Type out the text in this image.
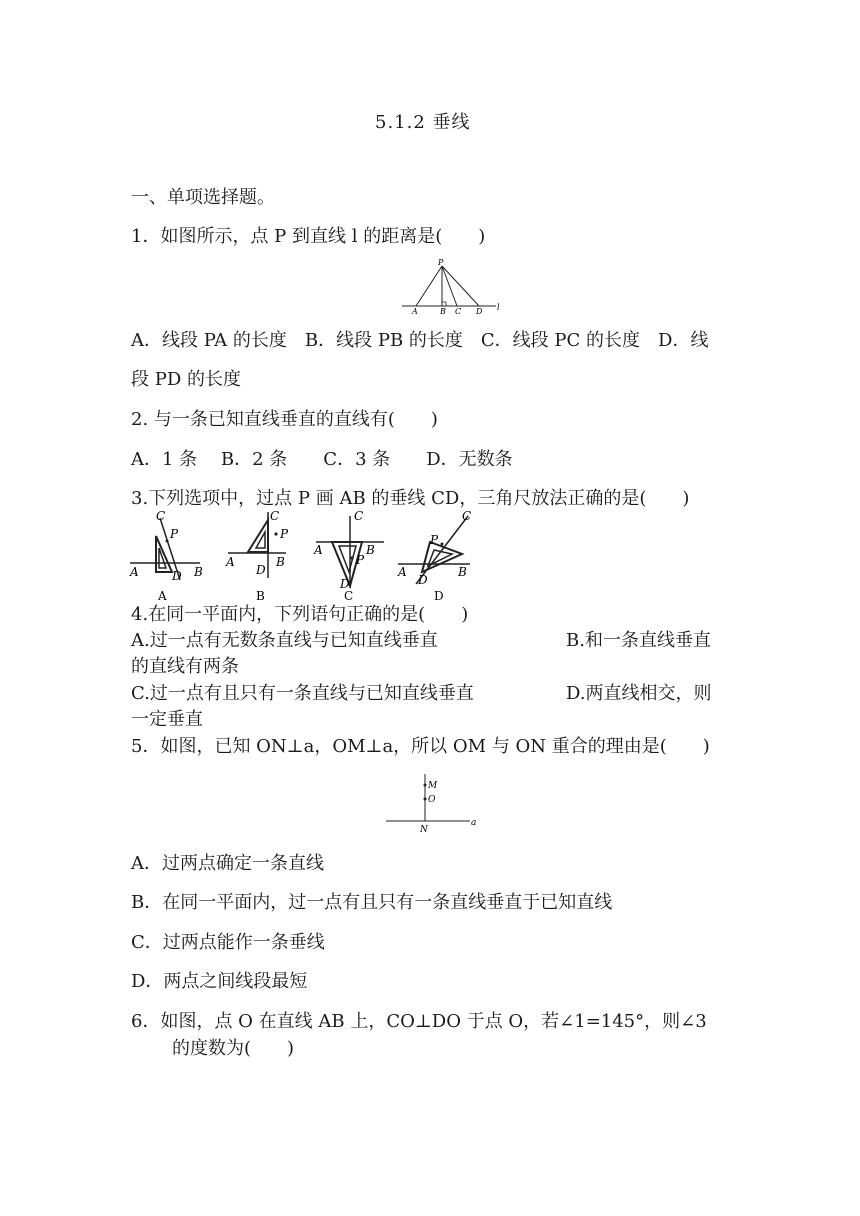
5.1.2 垂线
一、单项选择题。
1．如图所示，点 P 到直线 l 的距离是(　　)
P
A	B C D l
A．线段 PA 的长度　B．线段 PB 的长度　C．线段 PC 的长度　D．线
段 PD 的长度
2. 与一条已知直线垂直的直线有(　　)
A．1 条　 B．2 条　　C．3 条　　D．无数条
3.下列选项中，过点 P 画 AB 的垂线 CD，三角尺放法正确的是(　　)
C
P
A	D B
A
C
P
A
D
B
B
C
A	B
P
D
C
C
P
A
D
B
D
4.在同一平面内，下列语句正确的是(　　)
A.过一点有无数条直线与已知直线垂直	B.和一条直线垂直
的直线有两条
C.过一点有且只有一条直线与已知直线垂直	D.两直线相交，则
一定垂直
5．如图，已知 ON⊥a，OM⊥a，所以 OM 与 ON 重合的理由是(　　)
M
O
N
a
A．过两点确定一条直线
B．在同一平面内，过一点有且只有一条直线垂直于已知直线
C．过两点能作一条垂线
D．两点之间线段最短
6．如图，点 O 在直线 AB 上，CO⊥DO 于点 O，若∠1=145°，则∠3
的度数为(　　)
